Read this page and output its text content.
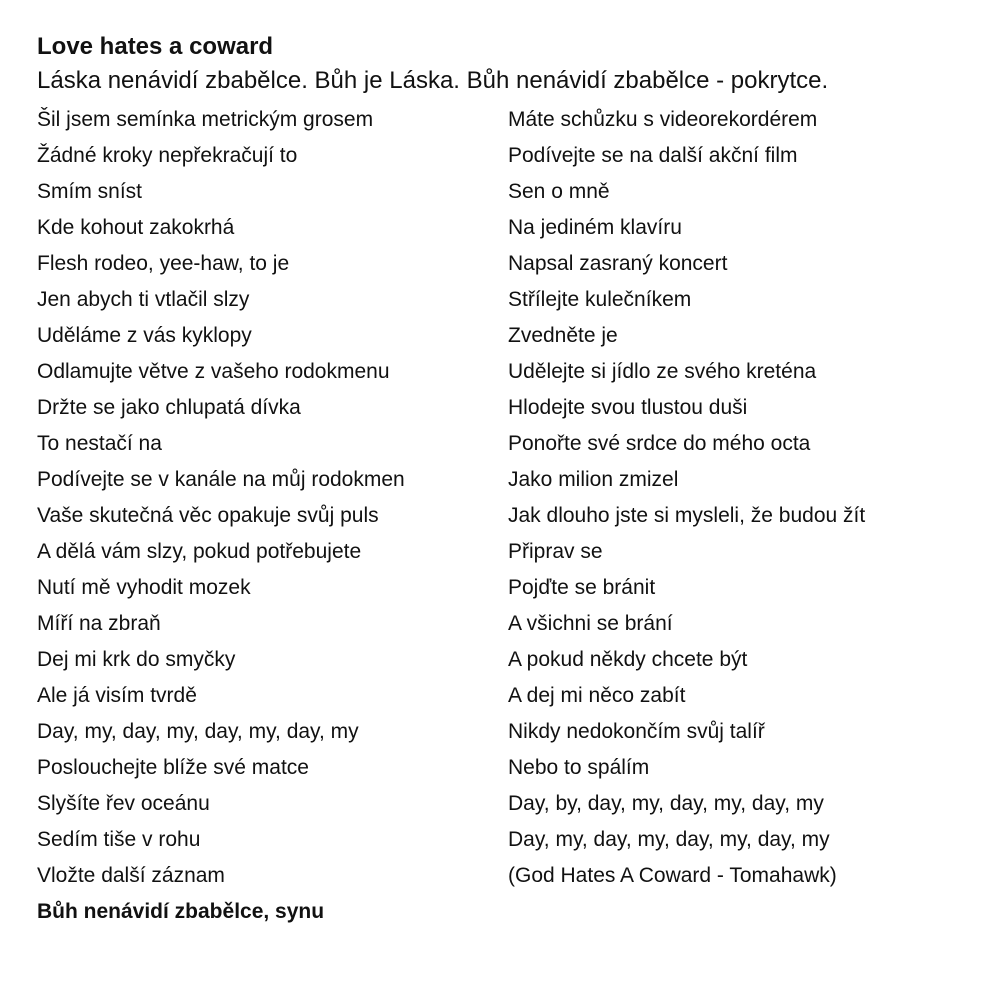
Love hates a coward

Láska nenávidí zbabělce. Bůh je Láska. Bůh nenávidí zbabělce - pokrytce.

Šil jsem semínka metrickým grosem
Žádné kroky nepřekračují to
Smím sníst
Kde kohout zakokrhá
Flesh rodeo, yee-haw, to je
Jen abych ti vtlačil slzy
Uděláme z vás kyklopy
Odlamujte větve z vašeho rodokmenu
Držte se jako chlupatá dívka
To nestačí na
Podívejte se v kanále na můj rodokmen
Vaše skutečná věc opakuje svůj puls
A dělá vám slzy, pokud potřebujete
Nutí mě vyhodit mozek
Míří na zbraň
Dej mi krk do smyčky
Ale já visím tvrdě
Day, my, day, my, day, my, day, my
Poslouchejte blíže své matce
Slyšíte řev oceánu
Sedím tiše v rohu
Vložte další záznam
Bůh nenávidí zbabělce, synu
Máte schůzku s videorekordérem
Podívejte se na další akční film
Sen o mně
Na jediném klavíru
Napsal zasraný koncert
Střílejte kulečníkem
Zvedněte je
Udělejte si jídlo ze svého kreténa
Hlodejte svou tlustou duši
Ponořte své srdce do mého octa
Jako milion zmizel
Jak dlouho jste si mysleli, že budou žít
Připrav se
Pojďte se bránit
A všichni se brání
A pokud někdy chcete být
A dej mi něco zabít
Nikdy nedokončím svůj talíř
Nebo to spálím
Day, by, day, my, day, my, day, my
Day, my, day, my, day, my, day, my
(God Hates A Coward - Tomahawk)
